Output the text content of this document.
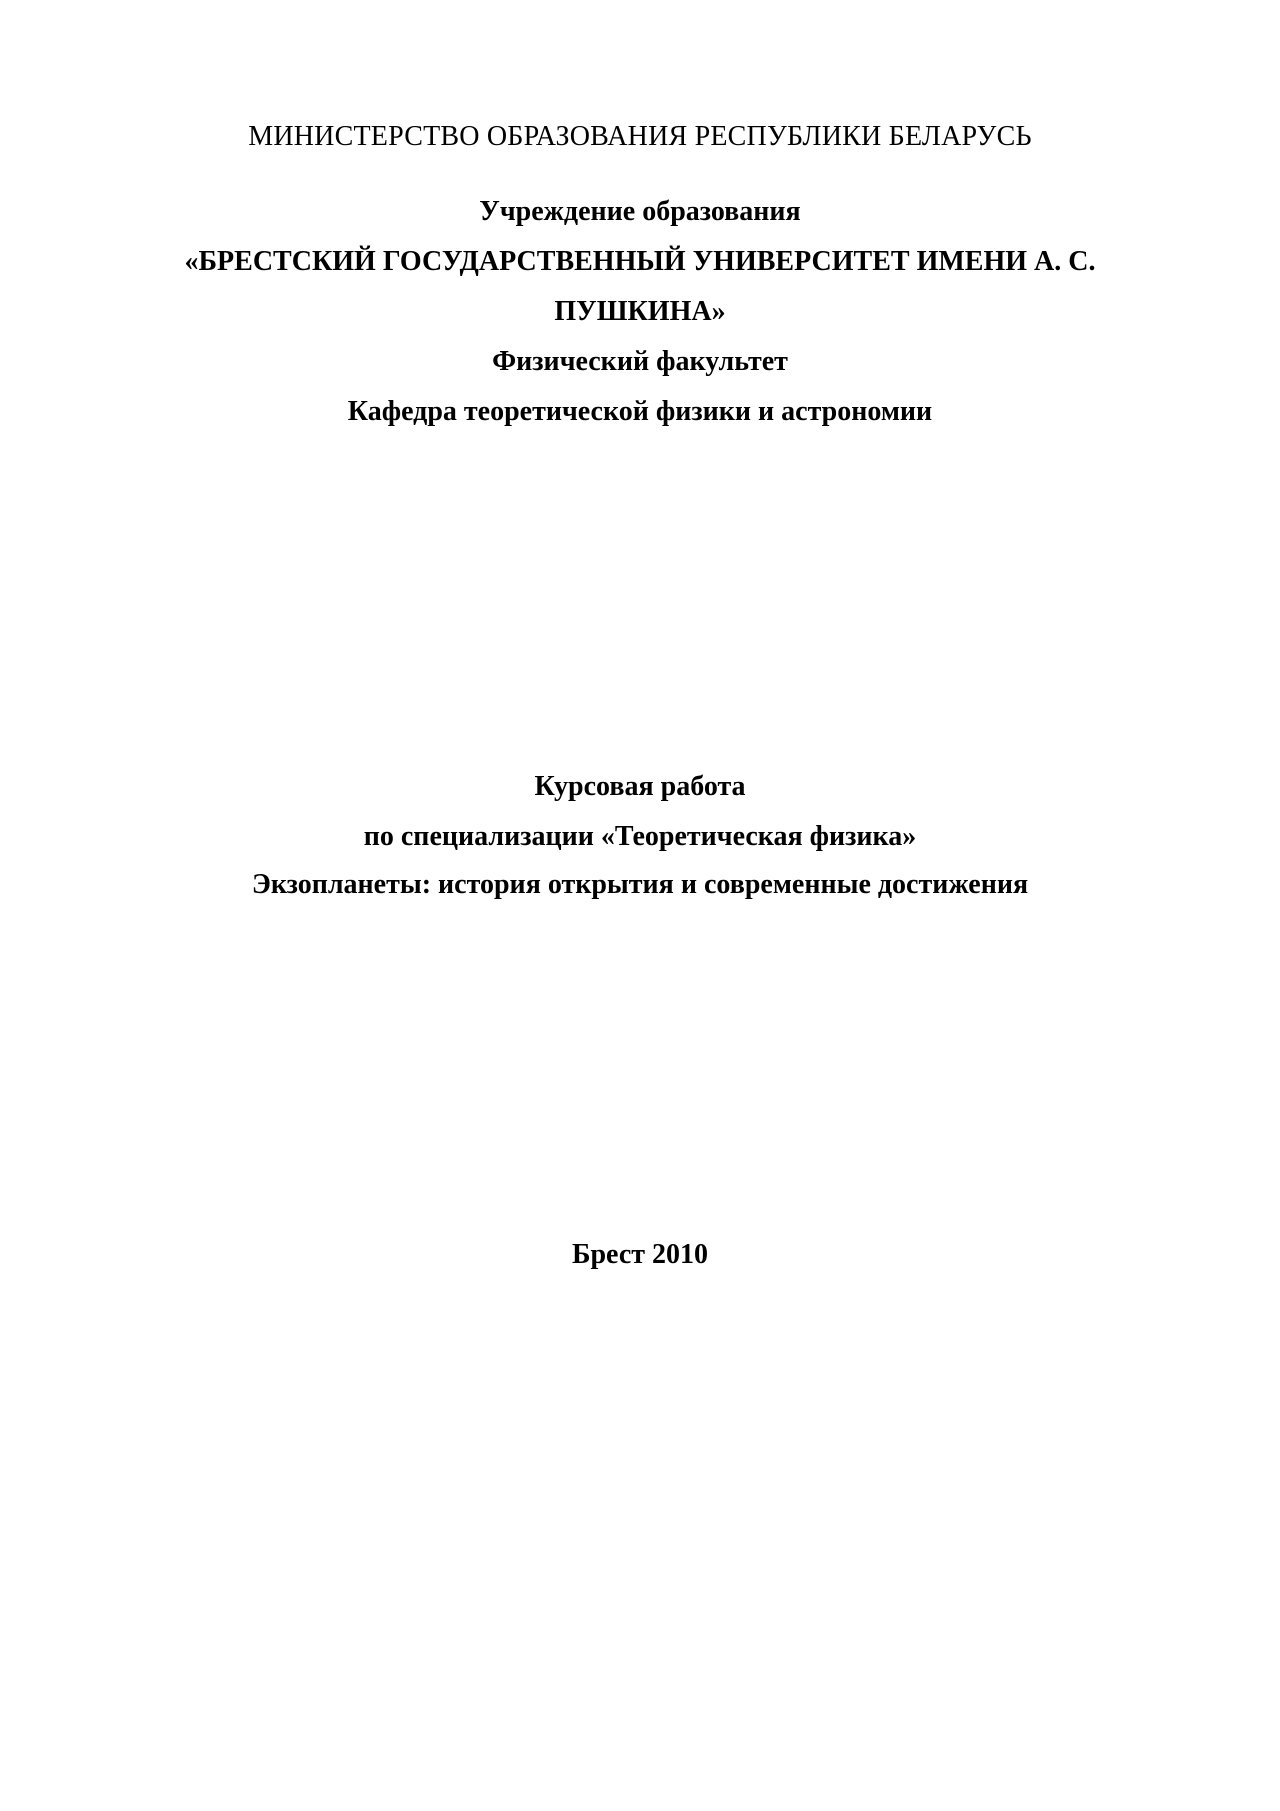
МИНИСТЕРСТВО ОБРАЗОВАНИЯ РЕСПУБЛИКИ БЕЛАРУСЬ
Учреждение образования
«БРЕСТСКИЙ ГОСУДАРСТВЕННЫЙ УНИВЕРСИТЕТ ИМЕНИ А. С.
ПУШКИНА»
Физический факультет
Кафедра теоретической физики и астрономии
Курсовая работа
по специализации «Теоретическая физика»
Экзопланеты: история открытия и современные достижения
Брест 2010
